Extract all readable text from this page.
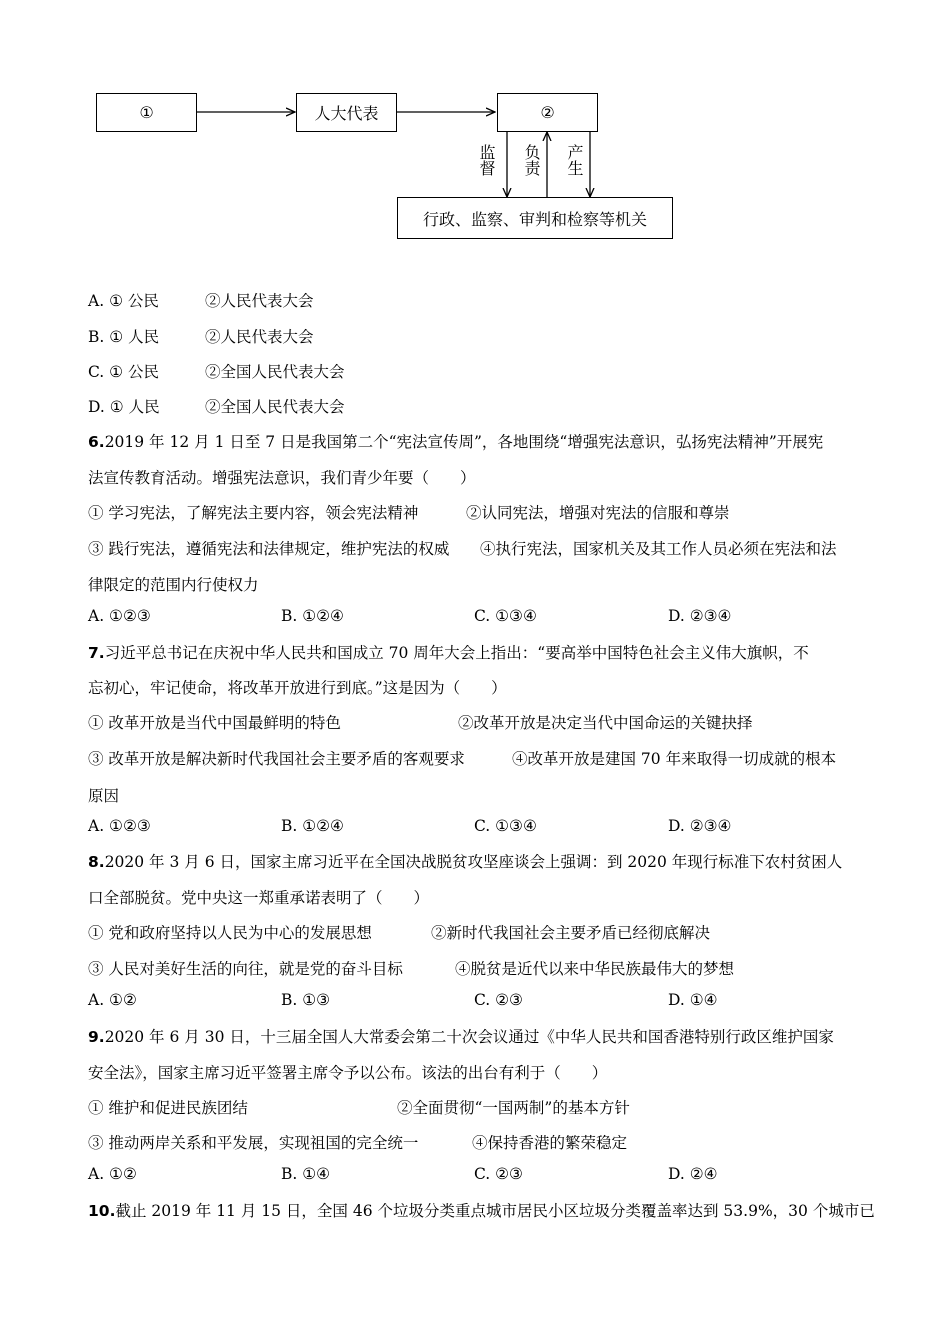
①	人大代表	②
行政、监察、审判和检察等机关
监督 负责 产生
A. ① 公民	②人民代表大会
B. ① 人民	②人民代表大会
C. ① 公民	②全国人民代表大会
D. ① 人民	②全国人民代表大会
6.2019 年 12 月 1 日至 7 日是我国第二个“宪法宣传周”，各地围绕“增强宪法意识，弘扬宪法精神”开展宪
法宣传教育活动。增强宪法意识，我们青少年要（　　）
① 学习宪法，了解宪法主要内容，领会宪法精神	②认同宪法，增强对宪法的信服和尊崇
③ 践行宪法，遵循宪法和法律规定，维护宪法的权威 ④执行宪法，国家机关及其工作人员必须在宪法和法
律限定的范围内行使权力
A. ①②③	B. ①②④	C. ①③④	D. ②③④
7.习近平总书记在庆祝中华人民共和国成立 70 周年大会上指出：“要高举中国特色社会主义伟大旗帜，不
忘初心，牢记使命，将改革开放进行到底。”这是因为（　　）
① 改革开放是当代中国最鲜明的特色	②改革开放是决定当代中国命运的关键抉择
③ 改革开放是解决新时代我国社会主要矛盾的客观要求	④改革开放是建国 70 年来取得一切成就的根本
原因
A. ①②③	B. ①②④	C. ①③④	D. ②③④
8.2020 年 3 月 6 日，国家主席习近平在全国决战脱贫攻坚座谈会上强调：到 2020 年现行标准下农村贫困人
口全部脱贫。党中央这一郑重承诺表明了（　　）
① 党和政府坚持以人民为中心的发展思想	②新时代我国社会主要矛盾已经彻底解决
③ 人民对美好生活的向往，就是党的奋斗目标	④脱贫是近代以来中华民族最伟大的梦想
A. ①②	B. ①③	C. ②③	D. ①④
9.2020 年 6 月 30 日，十三届全国人大常委会第二十次会议通过《中华人民共和国香港特别行政区维护国家
安全法》，国家主席习近平签署主席令予以公布。该法的出台有利于（　　）
① 维护和促进民族团结	②全面贯彻“一国两制”的基本方针
③ 推动两岸关系和平发展，实现祖国的完全统一	④保持香港的繁荣稳定
A. ①②	B. ①④	C. ②③	D. ②④
10.截止 2019 年 11 月 15 日，全国 46 个垃圾分类重点城市居民小区垃圾分类覆盖率达到 53.9%，30 个城市已
